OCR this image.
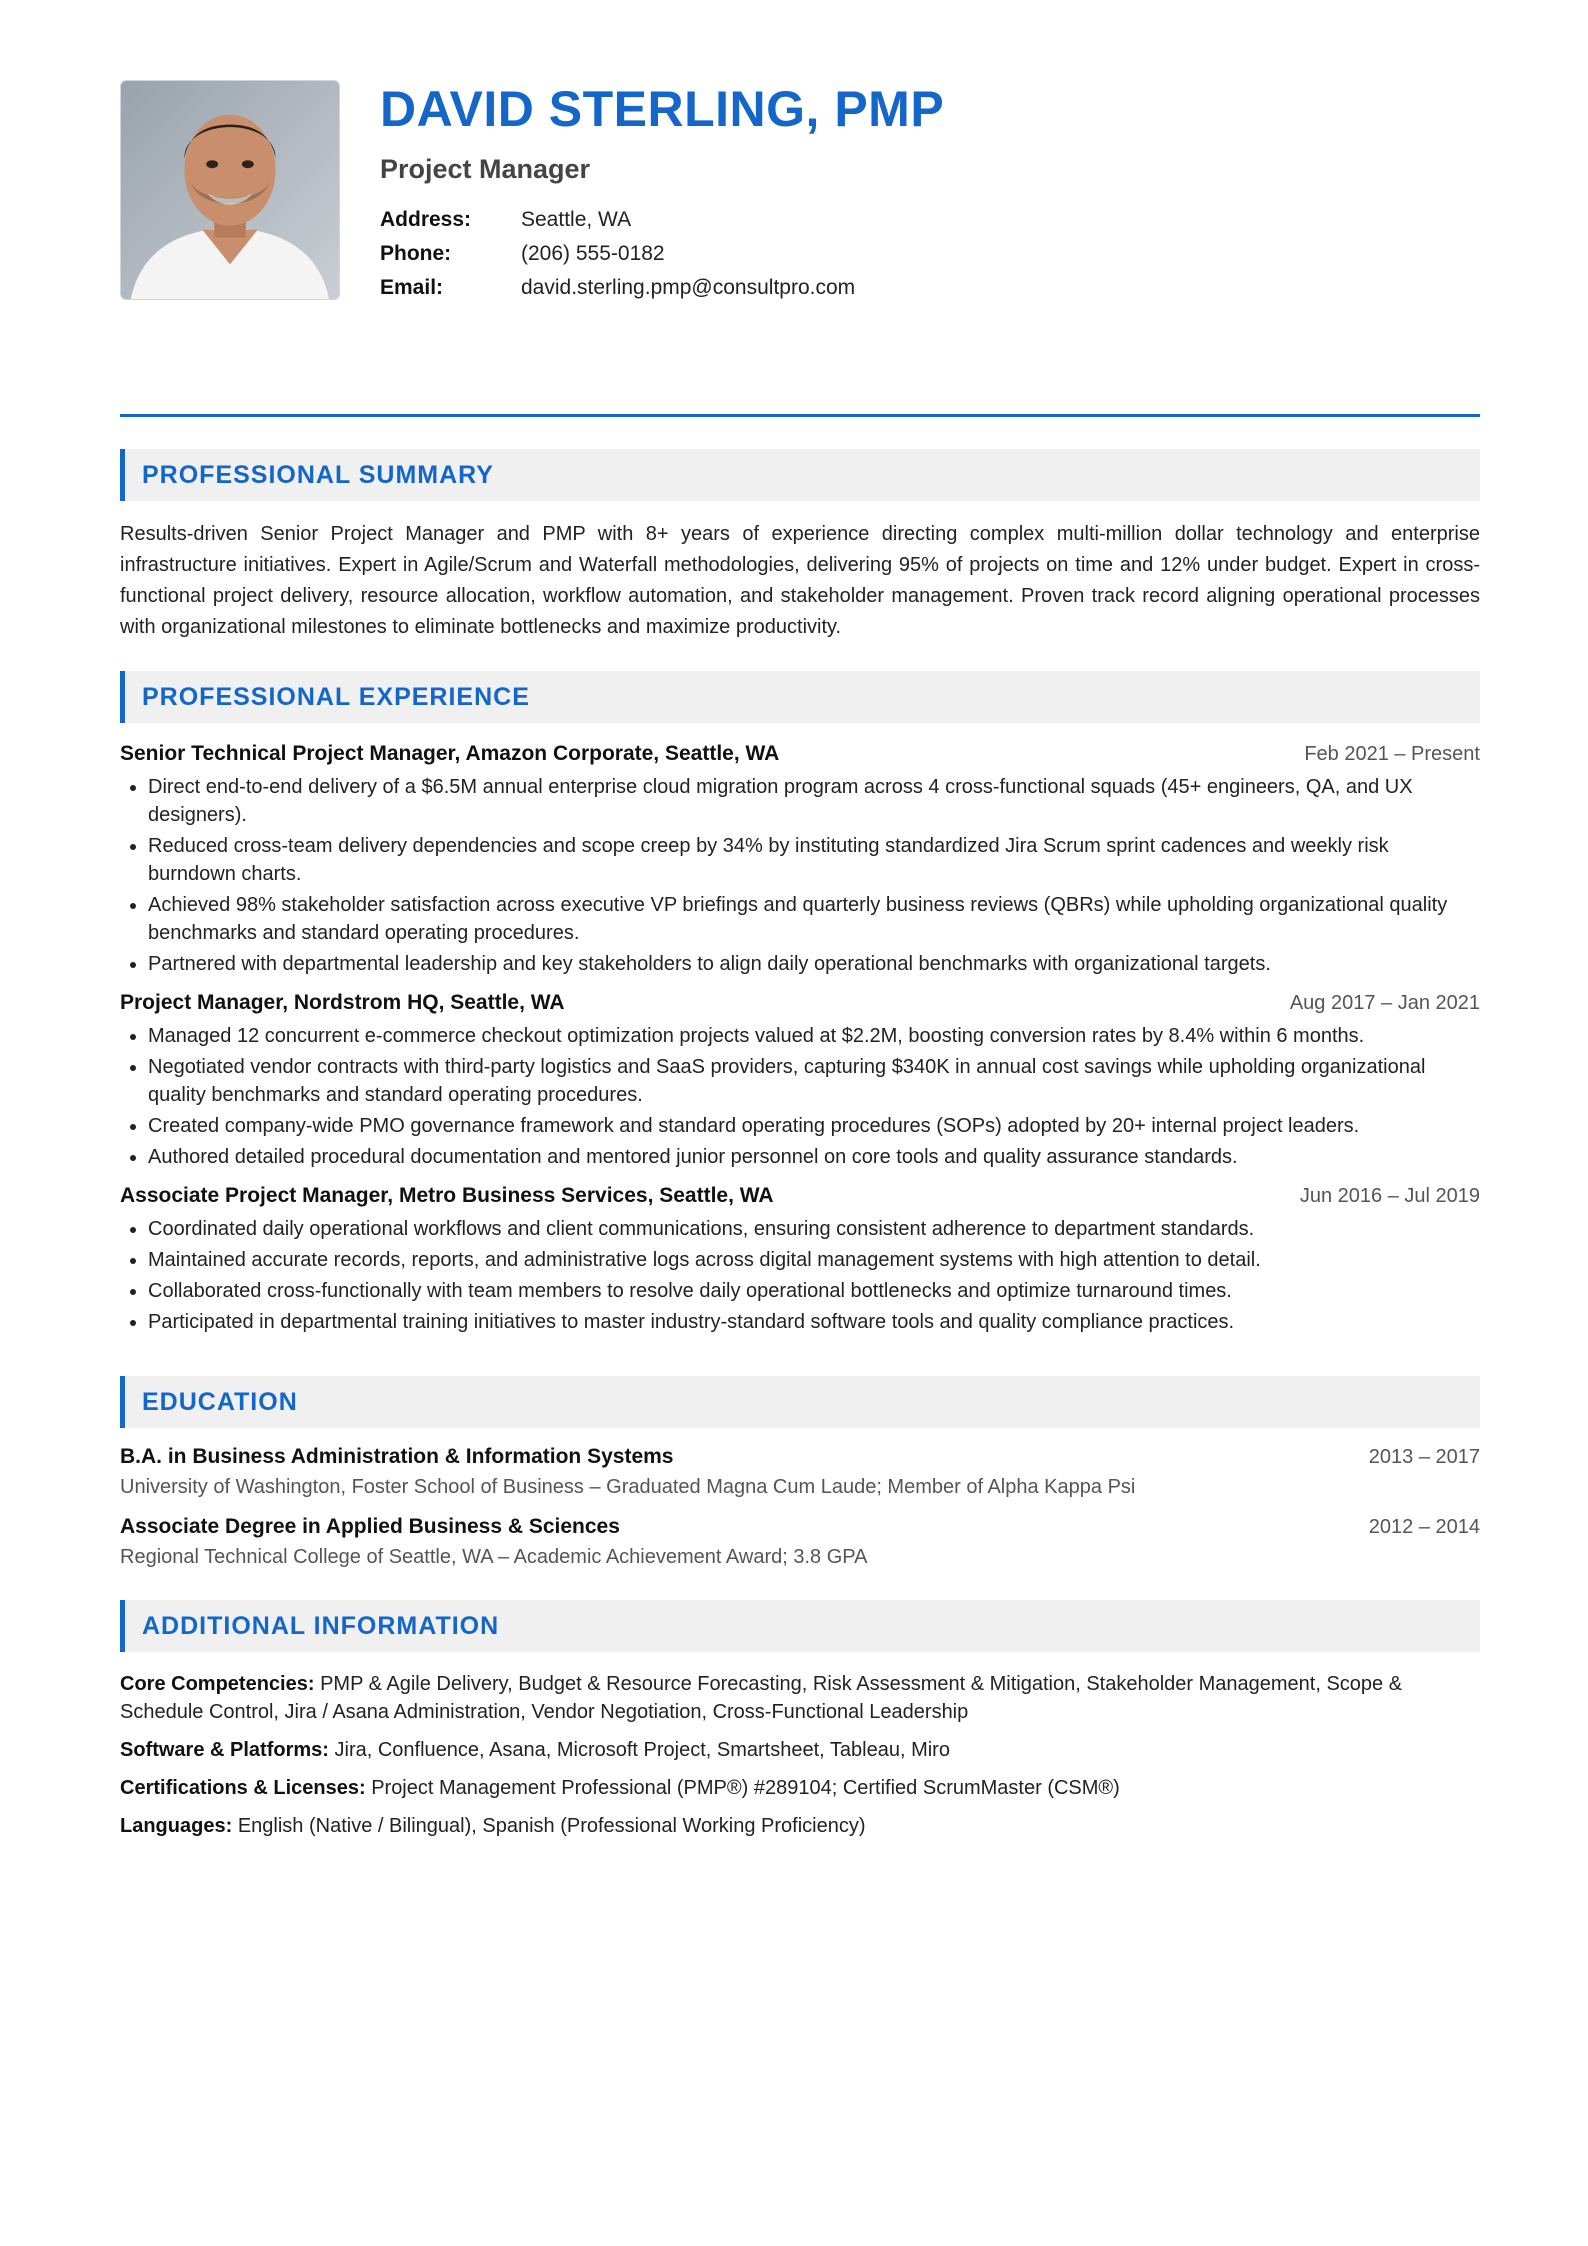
DAVID STERLING, PMP
Project Manager
Address:	Seattle, WA
Phone:	(206) 555-0182
Email:	david.sterling.pmp@consultpro.com
PROFESSIONAL SUMMARY
Results-driven Senior Project Manager and PMP with 8+ years of experience directing complex multi-million dollar technology and enterprise infrastructure initiatives. Expert in Agile/Scrum and Waterfall methodologies, delivering 95% of projects on time and 12% under budget. Expert in cross-functional project delivery, resource allocation, workflow automation, and stakeholder management. Proven track record aligning operational processes with organizational milestones to eliminate bottlenecks and maximize productivity.
PROFESSIONAL EXPERIENCE
Senior Technical Project Manager, Amazon Corporate, Seattle, WA	Feb 2021 – Present
• Direct end-to-end delivery of a $6.5M annual enterprise cloud migration program across 4 cross-functional squads (45+ engineers, QA, and UX designers).
• Reduced cross-team delivery dependencies and scope creep by 34% by instituting standardized Jira Scrum sprint cadences and weekly risk burndown charts.
• Achieved 98% stakeholder satisfaction across executive VP briefings and quarterly business reviews (QBRs) while upholding organizational quality benchmarks and standard operating procedures.
• Partnered with departmental leadership and key stakeholders to align daily operational benchmarks with organizational targets.
Project Manager, Nordstrom HQ, Seattle, WA	Aug 2017 – Jan 2021
• Managed 12 concurrent e-commerce checkout optimization projects valued at $2.2M, boosting conversion rates by 8.4% within 6 months.
• Negotiated vendor contracts with third-party logistics and SaaS providers, capturing $340K in annual cost savings while upholding organizational quality benchmarks and standard operating procedures.
• Created company-wide PMO governance framework and standard operating procedures (SOPs) adopted by 20+ internal project leaders.
• Authored detailed procedural documentation and mentored junior personnel on core tools and quality assurance standards.
Associate Project Manager, Metro Business Services, Seattle, WA	Jun 2016 – Jul 2019
• Coordinated daily operational workflows and client communications, ensuring consistent adherence to department standards.
• Maintained accurate records, reports, and administrative logs across digital management systems with high attention to detail.
• Collaborated cross-functionally with team members to resolve daily operational bottlenecks and optimize turnaround times.
• Participated in departmental training initiatives to master industry-standard software tools and quality compliance practices.
EDUCATION
B.A. in Business Administration & Information Systems	2013 – 2017
University of Washington, Foster School of Business – Graduated Magna Cum Laude; Member of Alpha Kappa Psi
Associate Degree in Applied Business & Sciences	2012 – 2014
Regional Technical College of Seattle, WA – Academic Achievement Award; 3.8 GPA
ADDITIONAL INFORMATION
Core Competencies: PMP & Agile Delivery, Budget & Resource Forecasting, Risk Assessment & Mitigation, Stakeholder Management, Scope & Schedule Control, Jira / Asana Administration, Vendor Negotiation, Cross-Functional Leadership
Software & Platforms: Jira, Confluence, Asana, Microsoft Project, Smartsheet, Tableau, Miro
Certifications & Licenses: Project Management Professional (PMP®) #289104; Certified ScrumMaster (CSM®)
Languages: English (Native / Bilingual), Spanish (Professional Working Proficiency)
